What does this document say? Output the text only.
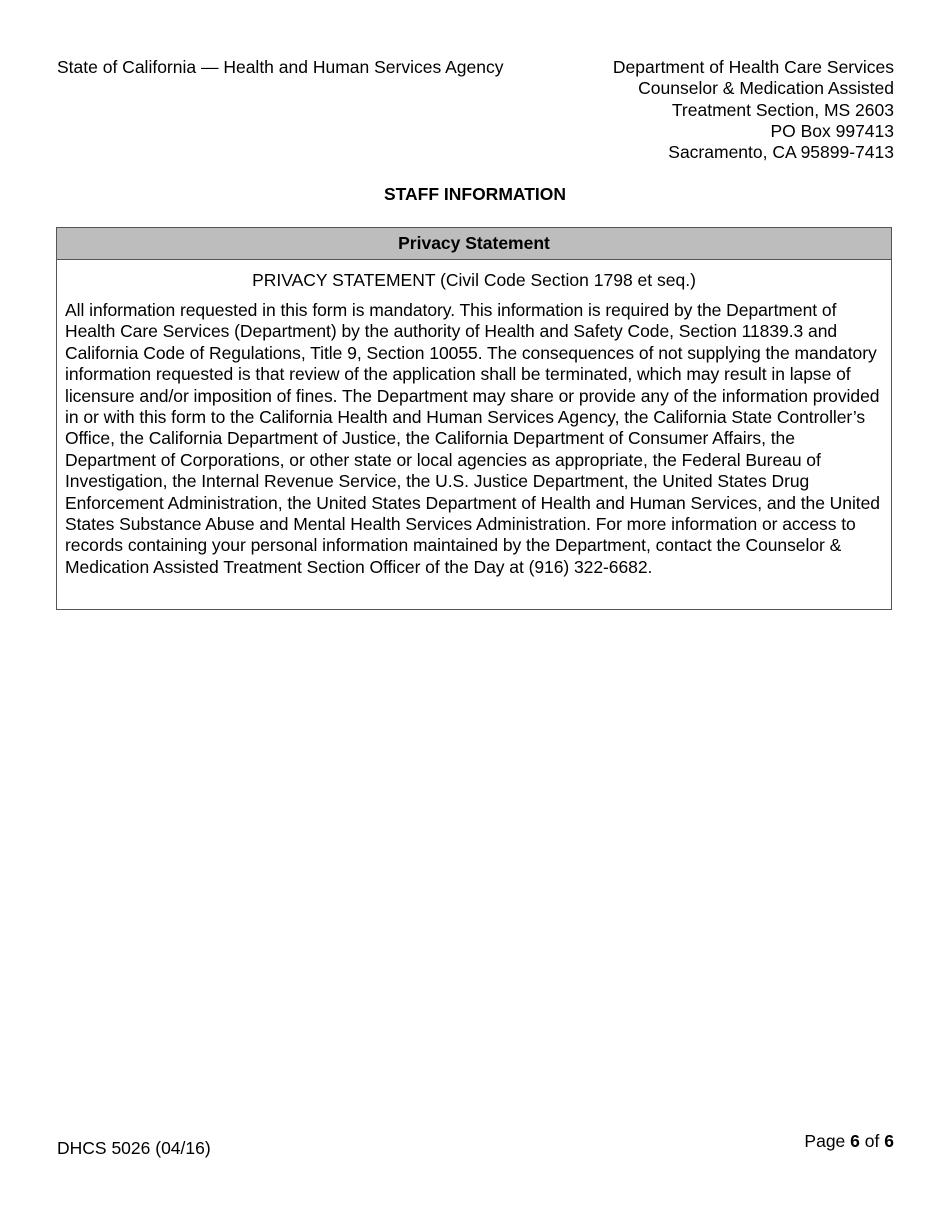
State of California — Health and Human Services Agency	Department of Health Care Services
Counselor & Medication Assisted
Treatment Section, MS 2603
PO Box 997413
Sacramento, CA 95899-7413
STAFF INFORMATION
Privacy Statement
PRIVACY STATEMENT (Civil Code Section 1798 et seq.)
All information requested in this form is mandatory. This information is required by the Department of Health Care Services (Department) by the authority of Health and Safety Code, Section 11839.3 and California Code of Regulations, Title 9, Section 10055. The consequences of not supplying the mandatory information requested is that review of the application shall be terminated, which may result in lapse of licensure and/or imposition of fines. The Department may share or provide any of the information provided in or with this form to the California Health and Human Services Agency, the California State Controller’s Office, the California Department of Justice, the California Department of Consumer Affairs, the Department of Corporations, or other state or local agencies as appropriate, the Federal Bureau of Investigation, the Internal Revenue Service, the U.S. Justice Department, the United States Drug Enforcement Administration, the United States Department of Health and Human Services, and the United States Substance Abuse and Mental Health Services Administration. For more information or access to records containing your personal information maintained by the Department, contact the Counselor & Medication Assisted Treatment Section Officer of the Day at (916) 322-6682.
DHCS 5026 (04/16)	Page 6 of 6
